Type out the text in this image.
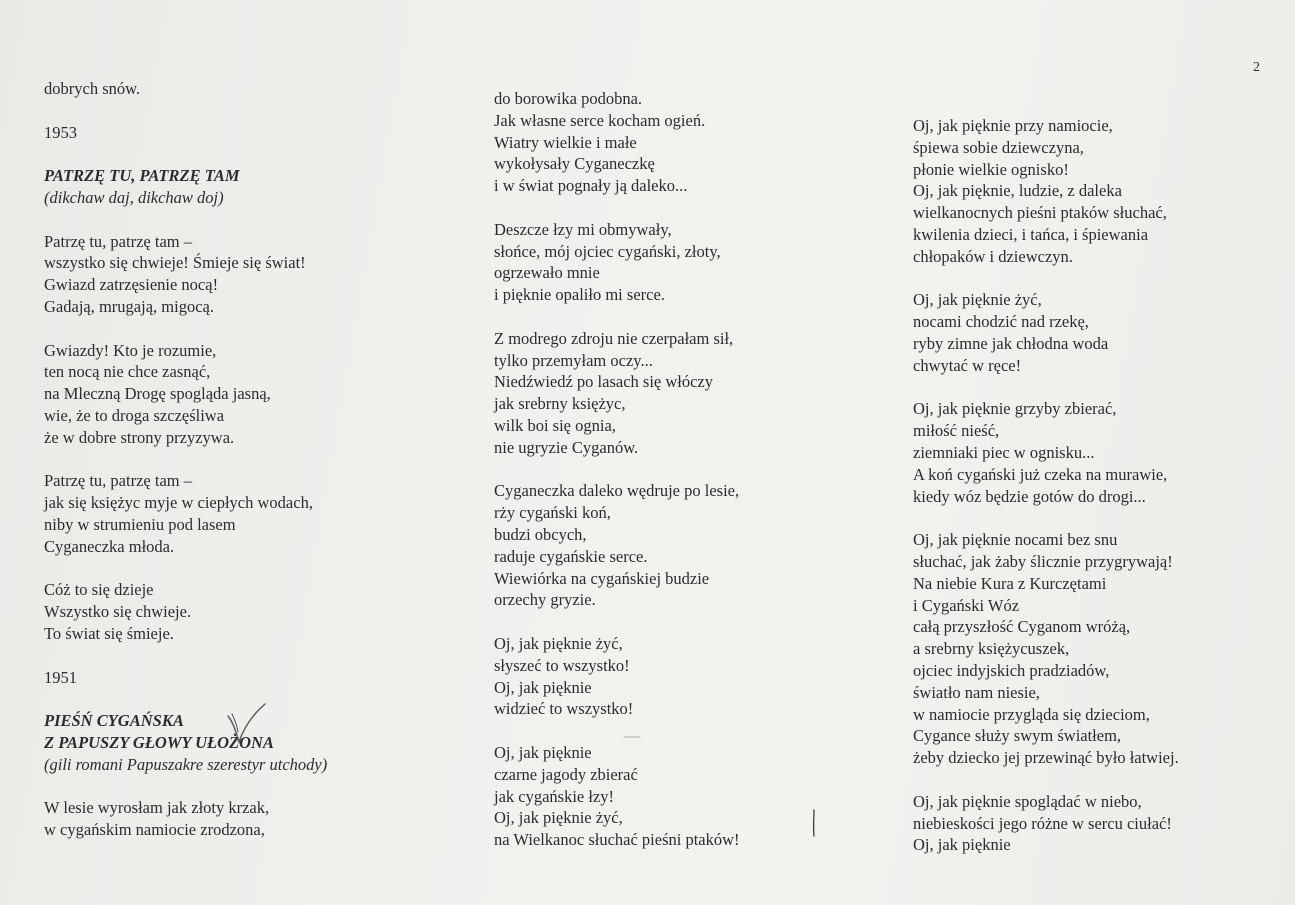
2
dobrych snów.
1953
PATRZĘ TU, PATRZĘ TAM
(dikchaw daj, dikchaw doj)
Patrzę tu, patrzę tam –
wszystko się chwieje! Śmieje się świat!
Gwiazd zatrzęsienie nocą!
Gadają, mrugają, migocą.
Gwiazdy! Kto je rozumie,
ten nocą nie chce zasnąć,
na Mleczną Drogę spogląda jasną,
wie, że to droga szczęśliwa
że w dobre strony przyzywa.
Patrzę tu, patrzę tam –
jak się księżyc myje w ciepłych wodach,
niby w strumieniu pod lasem
Cyganeczka młoda.
Cóż to się dzieje
Wszystko się chwieje.
To świat się śmieje.
1951
PIEŚŃ CYGAŃSKA
Z PAPUSZY GŁOWY UŁOŻONA
(gili romani Papuszakre szerestyr utchody)
W lesie wyrosłam jak złoty krzak,
w cygańskim namiocie zrodzona,
do borowika podobna.
Jak własne serce kocham ogień.
Wiatry wielkie i małe
wykołysały Cyganeczkę
i w świat pognały ją daleko...
Deszcze łzy mi obmywały,
słońce, mój ojciec cygański, złoty,
ogrzewało mnie
i pięknie opaliło mi serce.
Z modrego zdroju nie czerpałam sił,
tylko przemyłam oczy...
Niedźwiedź po lasach się włóczy
jak srebrny księżyc,
wilk boi się ognia,
nie ugryzie Cyganów.
Cyganeczka daleko wędruje po lesie,
rży cygański koń,
budzi obcych,
raduje cygańskie serce.
Wiewiórka na cygańskiej budzie
orzechy gryzie.
Oj, jak pięknie żyć,
słyszeć to wszystko!
Oj, jak pięknie
widzieć to wszystko!
Oj, jak pięknie
czarne jagody zbierać
jak cygańskie łzy!
Oj, jak pięknie żyć,
na Wielkanoc słuchać pieśni ptaków!
Oj, jak pięknie przy namiocie,
śpiewa sobie dziewczyna,
płonie wielkie ognisko!
Oj, jak pięknie, ludzie, z daleka
wielkanocnych pieśni ptaków słuchać,
kwilenia dzieci, i tańca, i śpiewania
chłopaków i dziewczyn.
Oj, jak pięknie żyć,
nocami chodzić nad rzekę,
ryby zimne jak chłodna woda
chwytać w ręce!
Oj, jak pięknie grzyby zbierać,
miłość nieść,
ziemniaki piec w ognisku...
A koń cygański już czeka na murawie,
kiedy wóz będzie gotów do drogi...
Oj, jak pięknie nocami bez snu
słuchać, jak żaby ślicznie przygrywają!
Na niebie Kura z Kurczętami
i Cygański Wóz
całą przyszłość Cyganom wróżą,
a srebrny księżycuszek,
ojciec indyjskich pradziadów,
światło nam niesie,
w namiocie przygląda się dzieciom,
Cygance służy swym światłem,
żeby dziecko jej przewinąć było łatwiej.
Oj, jak pięknie spoglądać w niebo,
niebieskości jego różne w sercu ciułać!
Oj, jak pięknie
